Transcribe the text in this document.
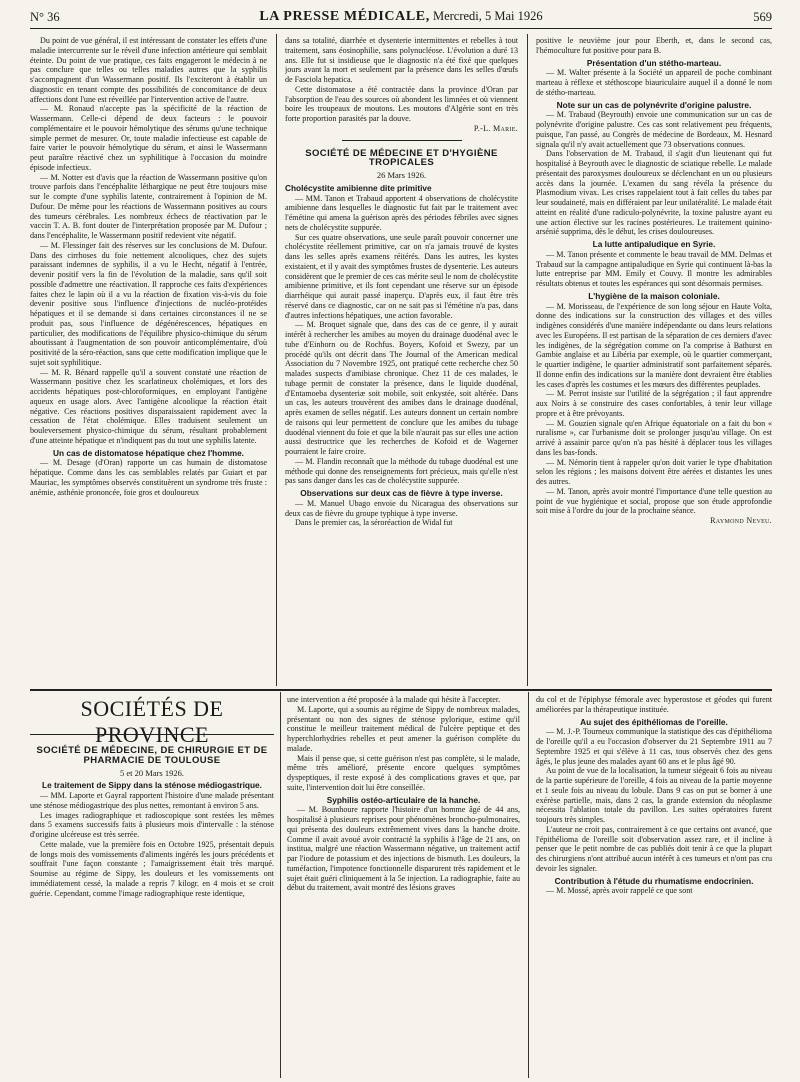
N° 36	LA PRESSE MÉDICALE, Mercredi, 5 Mai 1926	569

Du point de vue général, il est intéressant de constater les effets d'une maladie intercurrente sur le réveil d'une infection antérieure qui semblait éteinte. Du point de vue pratique, ces faits engageront le médecin à ne pas conclure que telles ou telles maladies autres que la syphilis s'accompagnent d'un Wassermann positif. Ils l'exciteront à établir un diagnostic en tenant compte des possibilités de concomitance de deux affections dont l'une est réveillée par l'intervention active de l'autre.

— M. Ronaud n'accepte pas la spécificité de la réaction de Wassermann. Celle-ci dépend de deux facteurs : le pouvoir complémentaire et le pouvoir hémolytique des sérums qu'une technique simple permet de mesurer. Or, toute maladie infectieuse est capable de faire varier le pouvoir hémolytique du sérum, et ainsi le Wassermann peut paraître réactivé chez un syphilitique à l'occasion du moindre épisode infectieux.

— M. Notter est d'avis que la réaction de Wassermann positive qu'on trouve parfois dans l'encéphalite léthargique ne peut être toujours mise sur le compte d'une syphilis latente, contrairement à l'opinion de M. Dufour. De même pour les réactions de Wassermann positives au cours des tumeurs cérébrales. Les nombreux échecs de réactivation par le vaccin T. A. B. font douter de l'interprétation proposée par M. Dufour ; dans l'encéphalite, le Wassermann positif redevient vite négatif.

— M. Flessinger fait des réserves sur les conclusions de M. Dufour. Dans des cirrhoses du foie nettement alcooliques, chez des sujets paraissant indemnes de syphilis, il a vu le Hecht, négatif à l'entrée, devenir positif vers la fin de l'évolution de la maladie, sans qu'il soit possible d'admettre une réactivation. Il rapproche ces faits d'expériences faites chez le lapin où il a vu la réaction de fixation vis-à-vis du foie devenir positive sous l'influence d'injections de nucléo-protéides hépatiques et il se demande si dans certaines circonstances il ne se produit pas, sous l'influence de dégénérescences, hépatiques en particulier, des modifications de l'équilibre physico-chimique du sérum aboutissant à l'augmentation de son pouvoir anticomplémentaire, d'où positivité de la séro-réaction, sans que cette modification implique que le sujet soit syphilitique.

— M. R. Bénard rappelle qu'il a souvent constaté une réaction de Wassermann positive chez les scarlatineux cholémiques, et lors des accidents hépatiques post-chloroformiques, en employant l'antigène aqueux en usage alors. Avec l'antigène alcoolique la réaction était négative. Ces réactions positives disparaissaient rapidement avec la cessation de l'état cholémique. Elles traduisent seulement un bouleversement physico-chimique du sérum, résultant probablement d'une atteinte hépatique et n'indiquent pas du tout une syphilis latente.

Un cas de distomatose hépatique chez l'homme.

— M. Desage (d'Oran) rapporte un cas humain de distomatose hépatique. Comme dans les cas semblables relatés par Guiart et par Mauriac, les symptômes observés constituèrent un syndrome très fruste : anémie, asthénie prononcée, foie gros et douloureux

dans sa totalité, diarrhée et dysenterie intermittentes et rebelles à tout traitement, sans éosinophilie, sans polynucléose. L'évolution a duré 13 ans. Elle fut si insidieuse que le diagnostic n'a été fixé que quelques jours avant la mort et seulement par la présence dans les selles d'œufs de Fasciola hepatica.

Cette distomatose a été contractée dans la province d'Oran par l'absorption de l'eau des sources où abondent les limnées et où viennent boire les troupeaux de moutons. Les moutons d'Algérie sont en très forte proportion parasités par la douve.

P.-L. Marie.

SOCIÉTÉ DE MÉDECINE ET D'HYGIÈNE TROPICALES
26 Mars 1926.

Cholécystite amibienne dite primitive

— MM. Tanon et Trabaud apportent 4 observations de cholécystite amibienne dans lesquelles le diagnostic fut fait par le traitement avec l'émétine qui amena la guérison après des périodes fébriles avec signes nets de cholécystite suppurée.

Sur ces quatre observations, une seule paraît pouvoir concerner une cholécystite réellement primitive, car on n'a jamais trouvé de kystes dans les selles après examens réitérés. Dans les autres, les kystes existaient, et il y avait des symptômes frustes de dysenterie. Les auteurs considèrent que le premier de ces cas mérite seul le nom de cholécystite amibienne primitive, et ils font cependant une réserve sur un épisode diarrhéique qui aurait passé inaperçu. D'après eux, il faut être très réservé dans ce diagnostic, car on ne sait pas si l'émétine n'a pas, dans d'autres infections hépatiques, une action favorable.

— M. Broquet signale que, dans des cas de ce genre, il y aurait intérêt à rechercher les amibes au moyen du drainage duodénal avec le tube d'Einhorn ou de Rochfus. Boyers, Kofoid et Swezy, par un procédé qu'ils ont décrit dans The Journal of the American medical Association du 7 Novembre 1925, ont pratiqué cette recherche chez 50 malades suspects d'amibiase chronique. Chez 11 de ces malades, le tubage permit de constater la présence, dans le liquide duodénal, d'Entamoeba dysenteriæ soit mobile, soit enkystée, soit altérée. Dans un cas, les auteurs trouvèrent des amibes dans le drainage duodénal, après examen de selles négatif. Les auteurs donnent un certain nombre de raisons qui leur permettent de conclure que les amibes du tubage duodénal viennent du foie et que la bile n'aurait pas sur elles une action aussi destructrice que les recherches de Kofoid et de Wagerner pourraient le faire croire.

— M. Flandin reconnaît que la méthode du tubage duodénal est une méthode qui donne des renseignements fort précieux, mais qu'elle n'est pas sans danger dans les cas de cholécystite suppurée.

Observations sur deux cas de fièvre à type inverse.

— M. Manuel Ubago envoie du Nicaragua des observations sur deux cas de fièvre du groupe typhique à type inverse.

Dans le premier cas, la séroréaction de Widal fut

positive le neuvième jour pour Eberth, et, dans le second cas, l'hémoculture fut positive pour para B.

Présentation d'un stétho-marteau.

— M. Walter présente à la Société un appareil de poche combinant marteau à réflexe et stéthoscope biauriculaire auquel il a donné le nom de stétho-marteau.

Note sur un cas de polynévrite d'origine palustre.

— M. Trabaud (Beyrouth) envoie une communication sur un cas de polynévrite d'origine palustre. Ces cas sont relativement peu fréquents, puisque, l'an passé, au Congrès de médecine de Bordeaux, M. Hesnard signala qu'il n'y avait actuellement que 73 observations connues.

Dans l'observation de M. Trabaud, il s'agit d'un lieutenant qui fut hospitalisé à Beyrouth avec le diagnostic de sciatique rebelle. Le malade présentait des paroxysmes douloureux se déclenchant en un ou plusieurs accès dans la journée. L'examen du sang révéla la présence du Plasmodium vivax. Les crises rappelaient tout à fait celles du tabes par leur soudaineté, mais en différaient par leur unilatéralité. Le malade était atteint en réalité d'une radiculo-polynévrite, la toxine palustre ayant eu une action élective sur les racines postérieures. Le traitement quinino-arsénié supprima, dès le début, les crises douloureuses.

La lutte antipaludique en Syrie.

— M. Tanon présente et commente le beau travail de MM. Delmas et Trabaud sur la campagne antipaludique en Syrie qui continuent là-bas la lutte entreprise par MM. Emily et Couvy. Il montre les admirables résultats obtenus et toutes les espérances qui sont désormais permises.

L'hygiène de la maison coloniale.

— M. Morisseau, de l'expérience de son long séjour en Haute Volta, donne des indications sur la construction des villages et des villes indigènes considérés d'une manière indépendante ou dans leurs relations avec les Européens. Il est partisan de la séparation de ces derniers d'avec les indigènes, de la ségrégation comme on l'a comprise à Bathurst en Gambie anglaise et au Libéria par exemple, où le quartier commerçant, le quartier indigène, le quartier administratif sont parfaitement séparés. Il donne enfin des indications sur la manière dont devraient être établies les cases d'après les costumes et les mœurs des différentes peuplades.

— M. Perrot insiste sur l'utilité de la ségrégation ; il faut apprendre aux Noirs à se construire des cases confortables, à tenir leur village propre et à être prévoyants.

— M. Gouzien signale qu'en Afrique équatoriale on a fait du bon « ruralisme », car l'urbanisme doit se prolonger jusqu'au village. On est arrivé à assainir parce qu'on n'a pas hésité à déplacer tous les villages dans les bas-fonds.

— M. Némorin tient à rappeler qu'on doit varier le type d'habitation selon les régions ; les maisons doivent être aérées et distantes les unes des autres.

— M. Tanon, après avoir montré l'importance d'une telle question au point de vue hygiénique et social, propose que son étude approfondie soit mise à l'ordre du jour de la prochaine séance.

Raymond Neveu.

SOCIÉTÉS DE PROVINCE
SOCIÉTÉ DE MÉDECINE, DE CHIRURGIE ET DE PHARMACIE DE TOULOUSE
5 et 20 Mars 1926.

Le traitement de Sippy dans la sténose médiogastrique.

— MM. Laporte et Gayral rapportent l'histoire d'une malade présentant une sténose médiogastrique des plus nettes, remontant à environ 5 ans.

Les images radiographique et radioscopique sont restées les mêmes dans 5 examens successifs faits à plusieurs mois d'intervalle : la sténose d'origine ulcéreuse est très serrée.

Cette malade, vue la première fois en Octobre 1925, présentait depuis de longs mois des vomissements d'aliments ingérés les jours précédents et souffrait l'une façon constante ; l'amaigrissement était très marqué. Soumise au régime de Sippy, les douleurs et les vomissements ont immédiatement cessé, la malade a repris 7 kilogr. en 4 mois et se croit guérie. Cependant, comme l'image radiographique reste identique,

une intervention a été proposée à la malade qui hésite à l'accepter.

M. Laporte, qui a soumis au régime de Sippy de nombreux malades, présentant ou non des signes de sténose pylorique, estime qu'il constitue le meilleur traitement médical de l'ulcère peptique et des hyperchlorhydries rebelles et peut amener la guérison complète du malade.

Mais il pense que, si cette guérison n'est pas complète, si le malade, même très amélioré, présente encore quelques symptômes dyspeptiques, il reste exposé à des complications graves et que, par suite, l'intervention doit lui être conseillée.

Syphilis ostéo-articulaire de la hanche.

— M. Bounhoure rapporte l'histoire d'un homme âgé de 44 ans, hospitalisé à plusieurs reprises pour phénomènes broncho-pulmonaires, qui présenta des douleurs extrêmement vives dans la hanche droite. Comme il avait avoué avoir contracté la syphilis à l'âge de 21 ans, on institua, malgré une réaction Wassermann négative, un traitement actif par l'iodure de potassium et des injections de bismuth. Les douleurs, la tuméfaction, l'impotence fonctionnelle disparurent très rapidement et le sujet était guéri cliniquement à la 5e injection. La radiographie, faite au début du traitement, avait montré des lésions graves

du col et de l'épiphyse fémorale avec hyperostose et géodes qui furent améliorées par la thérapeutique instituée.

Au sujet des épithéliomas de l'oreille.

— M. J.-P. Tourneux communique la statistique des cas d'épithélioma de l'oreille qu'il a eu l'occasion d'observer du 21 Septembre 1911 au 7 Septembre 1925 et qui s'élève à 11 cas, tous observés chez des gens âgés, le plus jeune des malades ayant 60 ans et le plus âgé 90.

Au point de vue de la localisation, la tumeur siégeait 6 fois au niveau de la partie supérieure de l'oreille, 4 fois au niveau de la partie moyenne et 1 seule fois au niveau du lobule. Dans 9 cas on put se borner à une exérèse partielle, mais, dans 2 cas, la grande extension du néoplasme nécessita l'ablation totale du pavillon. Les suites opératoires furent toujours très simples.

L'auteur ne croit pas, contrairement à ce que certains ont avancé, que l'épithélioma de l'oreille soit d'observation assez rare, et il incline à penser que le petit nombre de cas publiés doit tenir à ce que la plupart des chirurgiens n'ont attribué aucun intérêt à ces tumeurs et n'ont pas cru devoir les signaler.

Contribution à l'étude du rhumatisme endocrinien.

— M. Mossé, après avoir rappelé ce que sont
